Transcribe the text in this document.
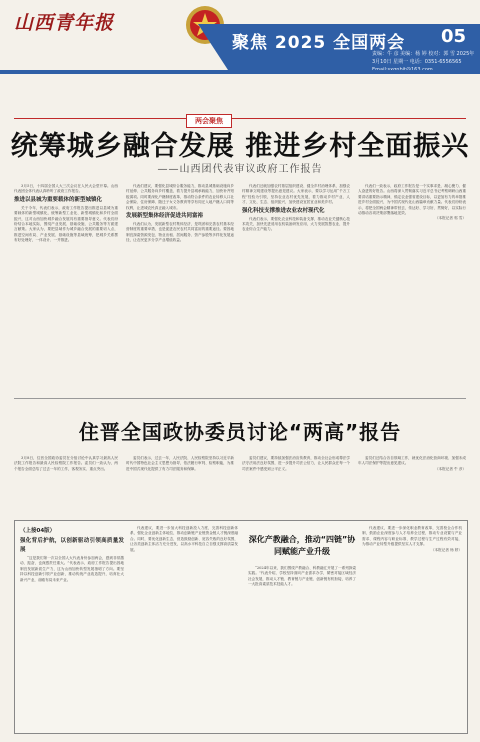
山西青年报
聚焦 2025 全国两会 05
责编：牛 彦 美编：杨 婷 校对：郭 雪 2025年3月10日 星期一 电话：0351-6556565
两会聚焦
统筹城乡融合发展 推进乡村全面振兴
——山西团代表审议政府工作报告

3月5日，十四届全国人大三次会议在人民大会堂开幕。山西代表团全体代表认真聆听了政府工作报告。

推进以县城为重要载体的新型城镇化

关于今年，代表们表示，政府工作报告提出推进以县城为重要载体的新型城镇化，统筹新型工业化、新型城镇化和乡村全面振兴，这对山西加快城乡融合发展具有重要指导意义。代表们纷纷结合本地实际，围绕产业发展、基础设施、公共服务等方面建言献策。大家认为，要把县域作为城乡融合发展的重要切入点，推进空间布局、产业发展、基础设施等县域统筹，把城乡关系摆布好处理好，一体设计、一并推进。

代表们建议，要强化县城综合服务能力，推动县城基础设施向乡村延伸、公共服务向乡村覆盖，着力提升县城承载能力，加快补齐短板弱项。同时要深化户籍制度改革，推动符合条件的农业转移人口社会保险、住房保障、随迁子女义务教育等享有同迁入地户籍人口同等权利，让进城农民真正融入城市。

发展新型集体经济促进共同富裕

代表们认为，发展新型农村集体经济，是巩固和完善农村基本经营制度的重要举措，也是促进农民农村共同富裕的重要途径。要因地制宜探索资源发包、物业出租、居间服务、资产参股等多样化发展途径，让农民更多分享产业增值收益。

代表们还就加强农村基层组织建设、健全乡村治理体系、加强农村精神文明建设等提出意见建议。大家表示，要以学习运用“千万工程”经验为引领，坚持农业农村优先发展，着力推动乡村产业、人才、文化、生态、组织振兴，加快建设宜居宜业和美乡村。

强化科技支撑推进农业农村现代化

代表们表示，要强化农业科技和装备支撑，推动农业关键核心技术攻关，加快先进适用农机装备研发应用，大力发展智慧农业，提升农业综合生产能力。

代表们一致表示，政府工作报告是一个实事求是、凝心聚力、催人奋进的好报告。山西将深入贯彻落实习近平总书记考察调研山西重要讲话重要指示精神，锚定农业强省建设目标，以更加有力的举措推进乡村全面振兴，为中国式现代化山西篇章贡献力量。代表们纷纷表示，将把全国两会精神带回去，传达好、学习好、贯彻好，以实际行动推动各项决策部署落地见效。

（本报记者 郭 雪）
住晋全国政协委员讨论“两高”报告

3月8日，住晋全国政协委员在分组讨论中认真学习最高人民法院工作报告和最高人民检察院工作报告。委员们一致认为，两个报告全面总结了过去一年的工作，客观务实、重点突出。

委员们表示，过去一年，人民法院、人民检察院坚持以习近平新时代中国特色社会主义思想为指导，依法履行审判、检察职能，为推进中国式现代化提供了有力司法服务和保障。

委员们建议，要持续加强法治宣传教育，推动全社会形成尊法学法守法用法良好氛围，进一步提升司法公信力，让人民群众在每一个司法案件中感受到公平正义。

委员们还结合各自领域工作，就优化法治化营商环境、加强未成年人司法保护等提出意见建议。

（本报记者 牛 彦）
（上接04版）
强化背后护航，以创新驱动引领高质量发展

“这是我们第一次以全国人大代表身份参加两会，感到非常激动、振奋，也深感责任重大。”代表表示，政府工作报告提出因地制宜发展新质生产力，这为山西加快转型发展指明了方向。要坚持以科技创新引领产业创新，推动传统产业改造提升，培育壮大新兴产业，前瞻布局未来产业。

代表建议，要进一步加大科技创新投入力度，完善科技创新体系，强化企业创新主体地位，推动创新链产业链资金链人才链深度融合。同时，要优化创新生态，营造鼓励创新、宽容失败的良好氛围，让各类创新主体活力充分迸发，以高水平科技自立自强支撑高质量发展。

深化产教融合，推动“四链”协同赋能产业升级

“2024年以来，我们围绕产教融合、科教融汇开展了一系列探索实践。”代表介绍，学校坚持面向产业需求办学，紧密对接区域经济社会发展，推动人才链、教育链与产业链、创新链有机衔接，培养了一大批高素质技术技能人才。

代表建议，要进一步深化职业教育改革，完善校企合作机制，鼓励企业深度参与人才培养全过程，推动专业设置与产业需求、课程内容与职业标准、教学过程与生产过程有效对接，为推动产业转型升级提供坚实人才支撑。

（本报记者 杨 婷）
